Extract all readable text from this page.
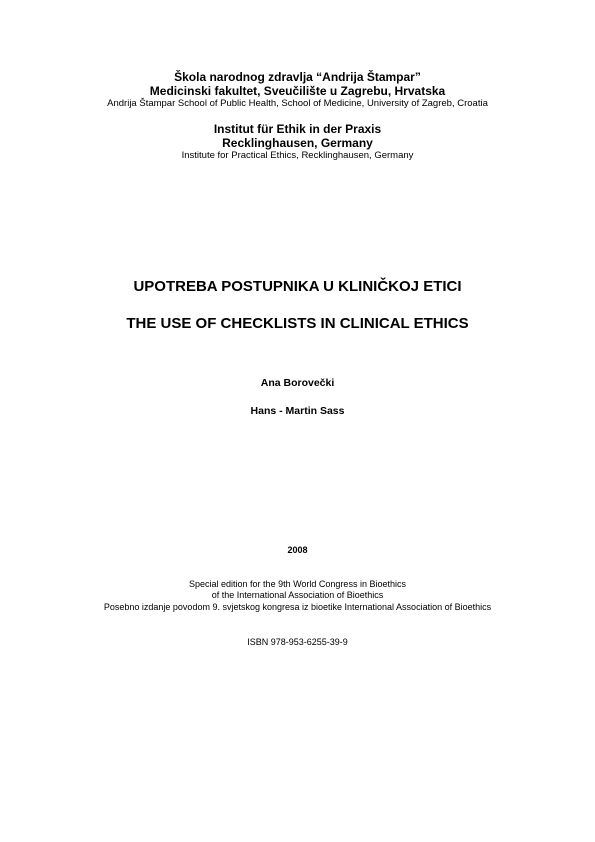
Škola narodnog zdravlja “Andrija Štampar”
Medicinski fakultet, Sveučilište u Zagrebu, Hrvatska
Andrija Štampar School of Public Health, School of Medicine, University of Zagreb, Croatia
Institut für Ethik in der Praxis
Recklinghausen, Germany
Institute for Practical Ethics, Recklinghausen, Germany
UPOTREBA POSTUPNIKA U KLINIČKOJ ETICI
THE USE OF CHECKLISTS IN CLINICAL ETHICS
Ana Borovečki
Hans - Martin Sass
2008
Special edition for the 9th World Congress in Bioethics
of the International Association of Bioethics
Posebno izdanje povodom 9. svjetskog kongresa iz bioetike International Association of Bioethics
ISBN 978-953-6255-39-9
